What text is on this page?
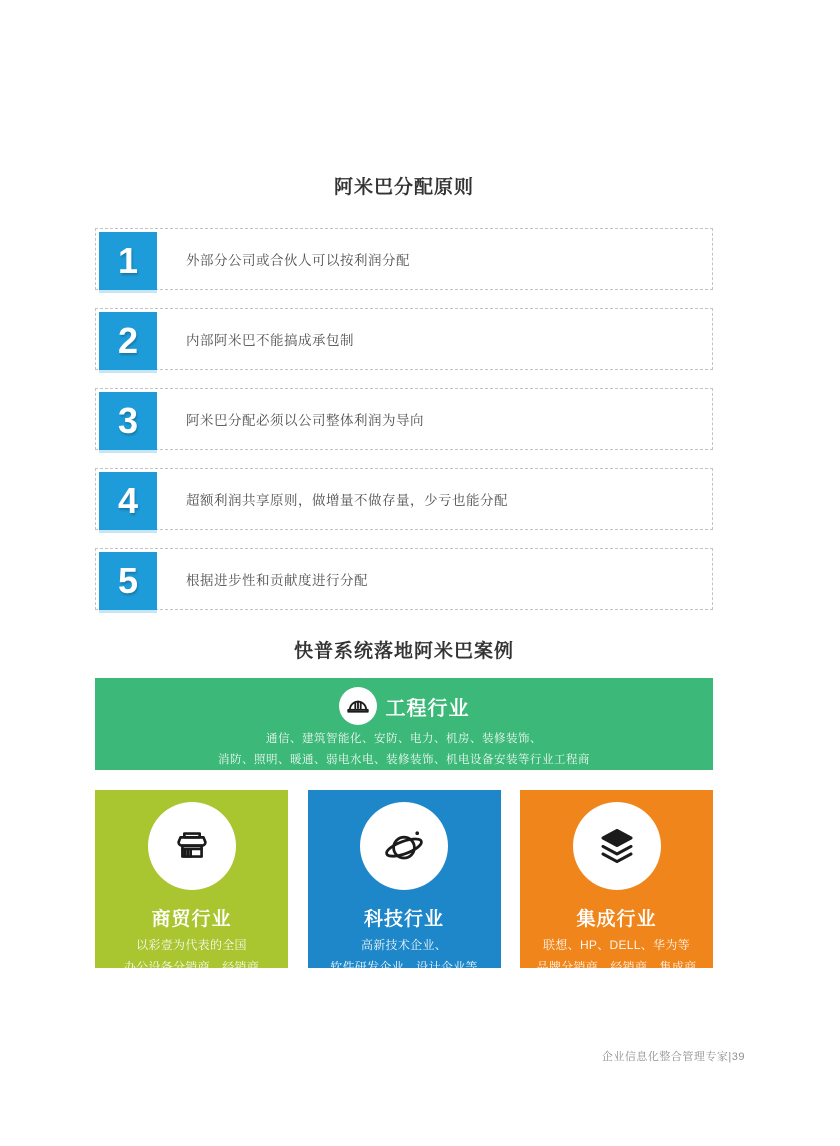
阿米巴分配原则
1	外部分公司或合伙人可以按利润分配
2	内部阿米巴不能搞成承包制
3	阿米巴分配必须以公司整体利润为导向
4	超额利润共享原则，做增量不做存量，少亏也能分配
5	根据进步性和贡献度进行分配
快普系统落地阿米巴案例
工程行业
通信、建筑智能化、安防、电力、机房、装修装饰、
消防、照明、暖通、弱电水电、装修装饰、机电设备安装等行业工程商
商贸行业
以彩壹为代表的全国
办公设备分销商、经销商
科技行业
高新技术企业、
软件研发企业、设计企业等
集成行业
联想、HP、DELL、华为等
品牌分销商、经销商、集成商
企业信息化整合管理专家|39
